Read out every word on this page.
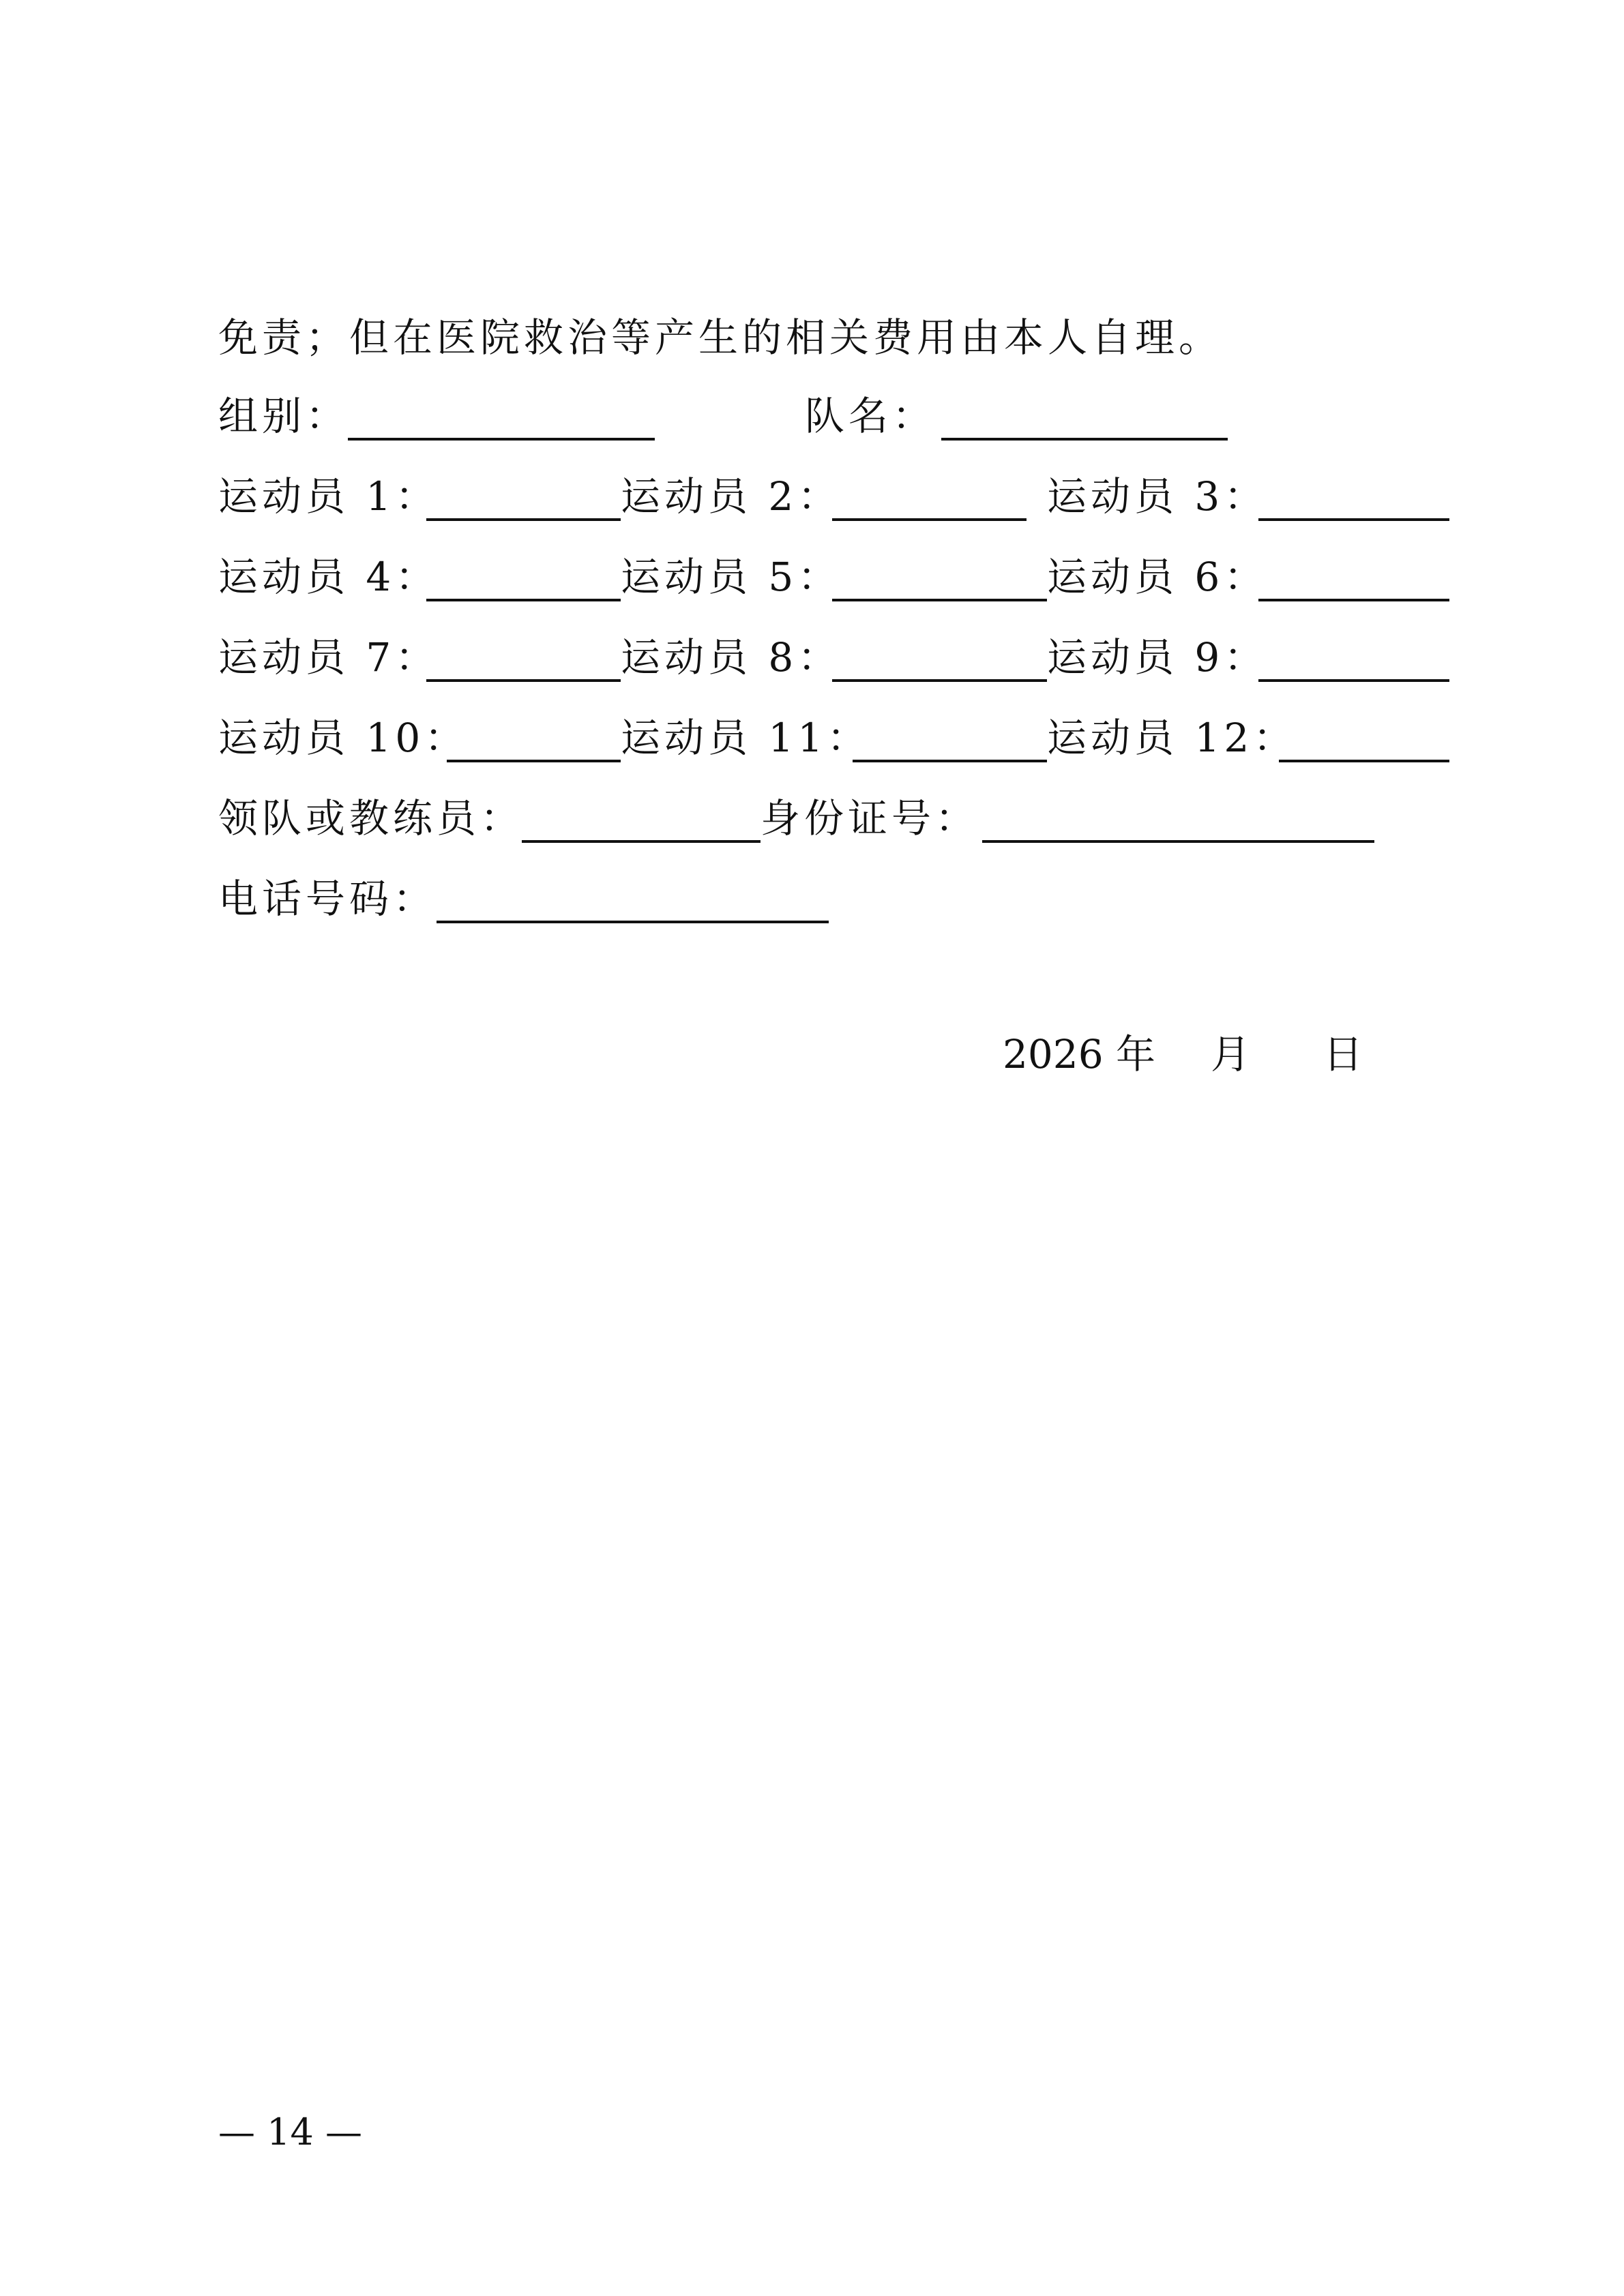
免责；但在医院救治等产生的相关费用由本人自理。
组别：	队名：
运动员 1：	运动员 2：	运动员 3：
运动员 4：	运动员 5：	运动员 6：
运动员 7：	运动员 8：	运动员 9：
运动员 10：	运动员 11：	运动员 12：
领队或教练员：	身份证号：
电话号码：
2026 年 月 日
— 14 —
